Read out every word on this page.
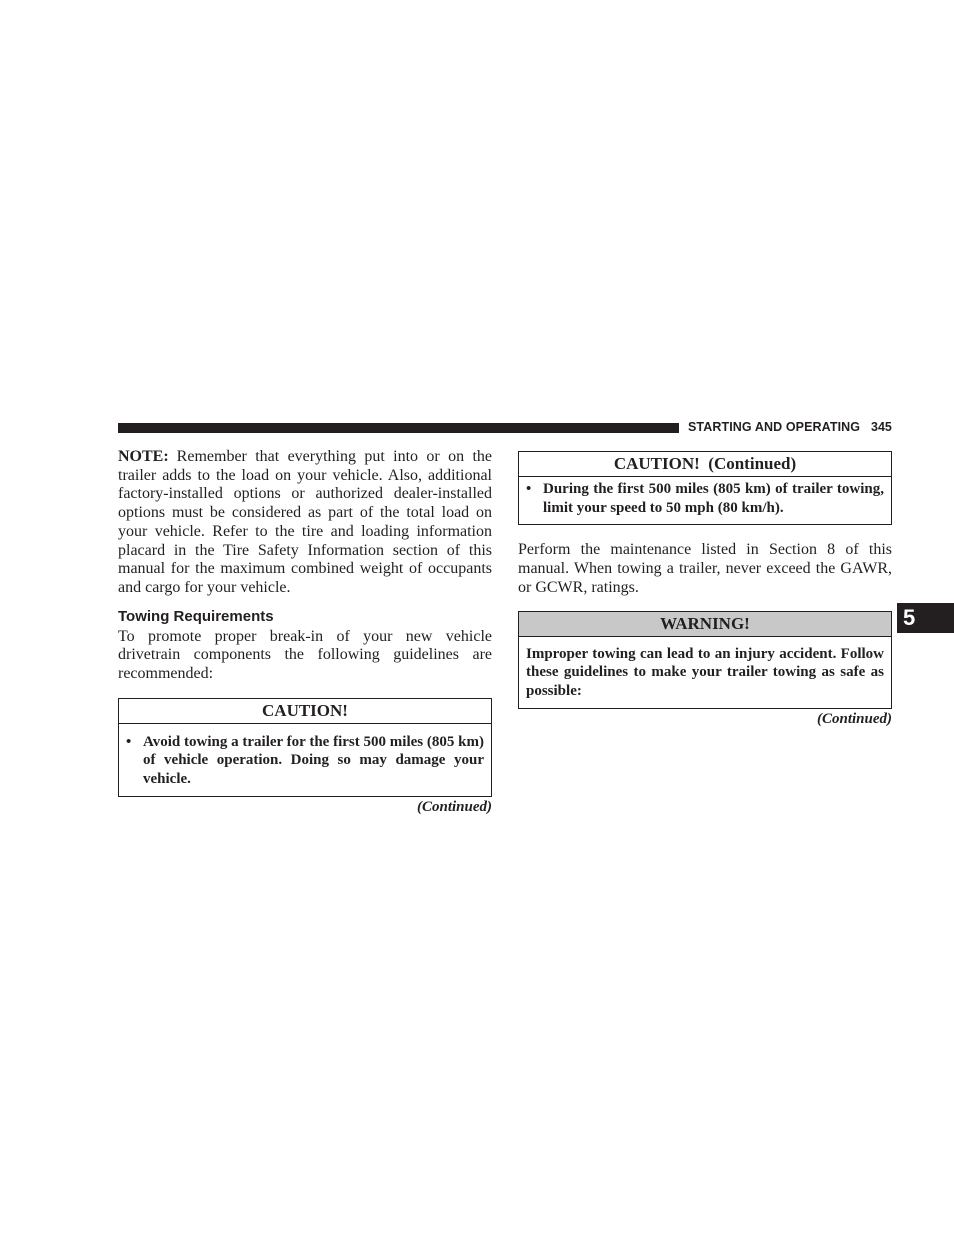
STARTING AND OPERATING 345
5

NOTE: Remember that everything put into or on the trailer adds to the load on your vehicle. Also, additional factory-installed options or authorized dealer-installed options must be considered as part of the total load on your vehicle. Refer to the tire and loading information placard in the Tire Safety Information section of this manual for the maximum combined weight of occupants and cargo for your vehicle.

Towing Requirements

To promote proper break-in of your new vehicle drivetrain components the following guidelines are recommended:

CAUTION!
• Avoid towing a trailer for the first 500 miles (805 km) of vehicle operation. Doing so may damage your vehicle.
(Continued)
CAUTION!  (Continued)
• During the first 500 miles (805 km) of trailer towing, limit your speed to 50 mph (80 km/h).

Perform the maintenance listed in Section 8 of this manual. When towing a trailer, never exceed the GAWR, or GCWR, ratings.

WARNING!
Improper towing can lead to an injury accident. Follow these guidelines to make your trailer towing as safe as possible:
(Continued)
